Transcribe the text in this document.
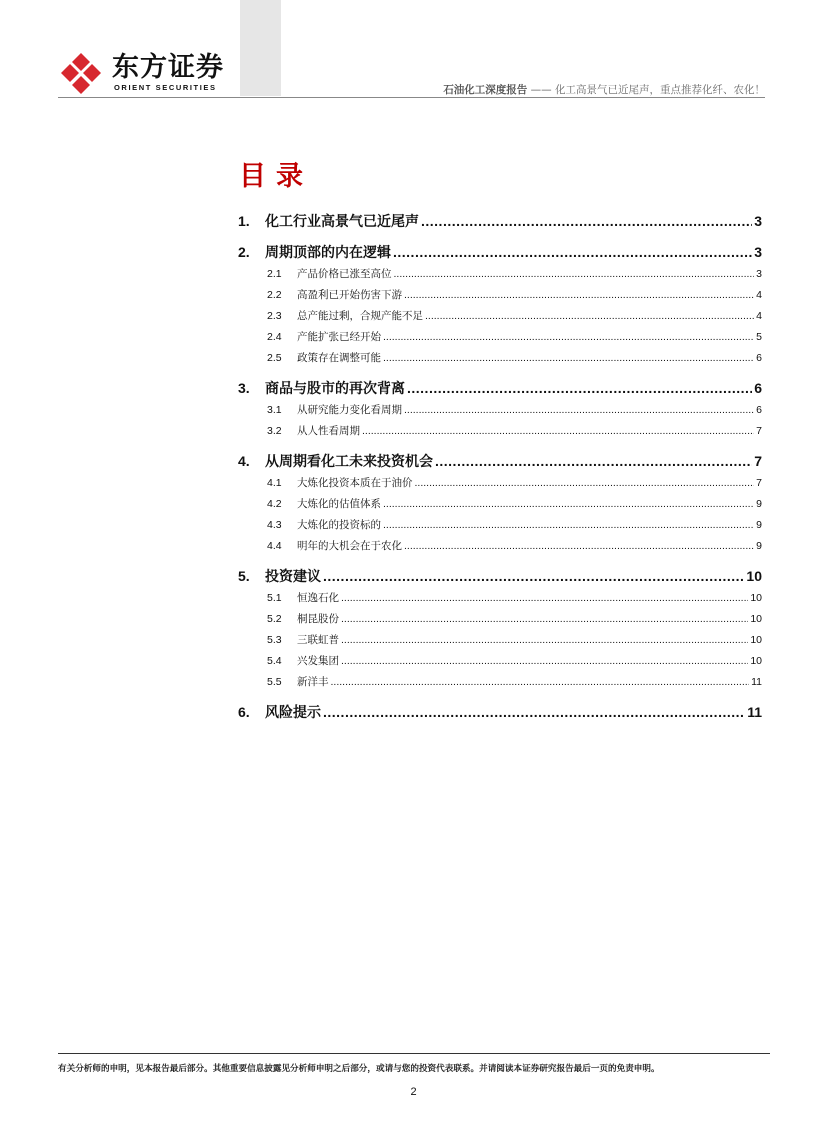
东方证券
ORIENT SECURITIES	石油化工深度报告 —— 化工高景气已近尾声，重点推荐化纤、农化！
目录
1.	化工行业高景气已近尾声 .....	3
2.	周期顶部的内在逻辑 .....	3
2.1	产品价格已涨至高位 .....	3
2.2	高盈利已开始伤害下游 .....	4
2.3	总产能过剩，合规产能不足 .....	4
2.4	产能扩张已经开始 .....	5
2.5	政策存在调整可能 .....	6
3.	商品与股市的再次背离 .....	6
3.1	从研究能力变化看周期 .....	6
3.2	从人性看周期 .....	7
4.	从周期看化工未来投资机会 .....	7
4.1	大炼化投资本质在于油价 .....	7
4.2	大炼化的估值体系 .....	9
4.3	大炼化的投资标的 .....	9
4.4	明年的大机会在于农化 .....	9
5.	投资建议 .....	10
5.1	恒逸石化 .....	10
5.2	桐昆股份 .....	10
5.3	三联虹普 .....	10
5.4	兴发集团 .....	10
5.5	新洋丰 .....	11
6.	风险提示 .....	11
有关分析师的申明，见本报告最后部分。其他重要信息披露见分析师申明之后部分，或请与您的投资代表联系。并请阅读本证券研究报告最后一页的免责申明。
2
